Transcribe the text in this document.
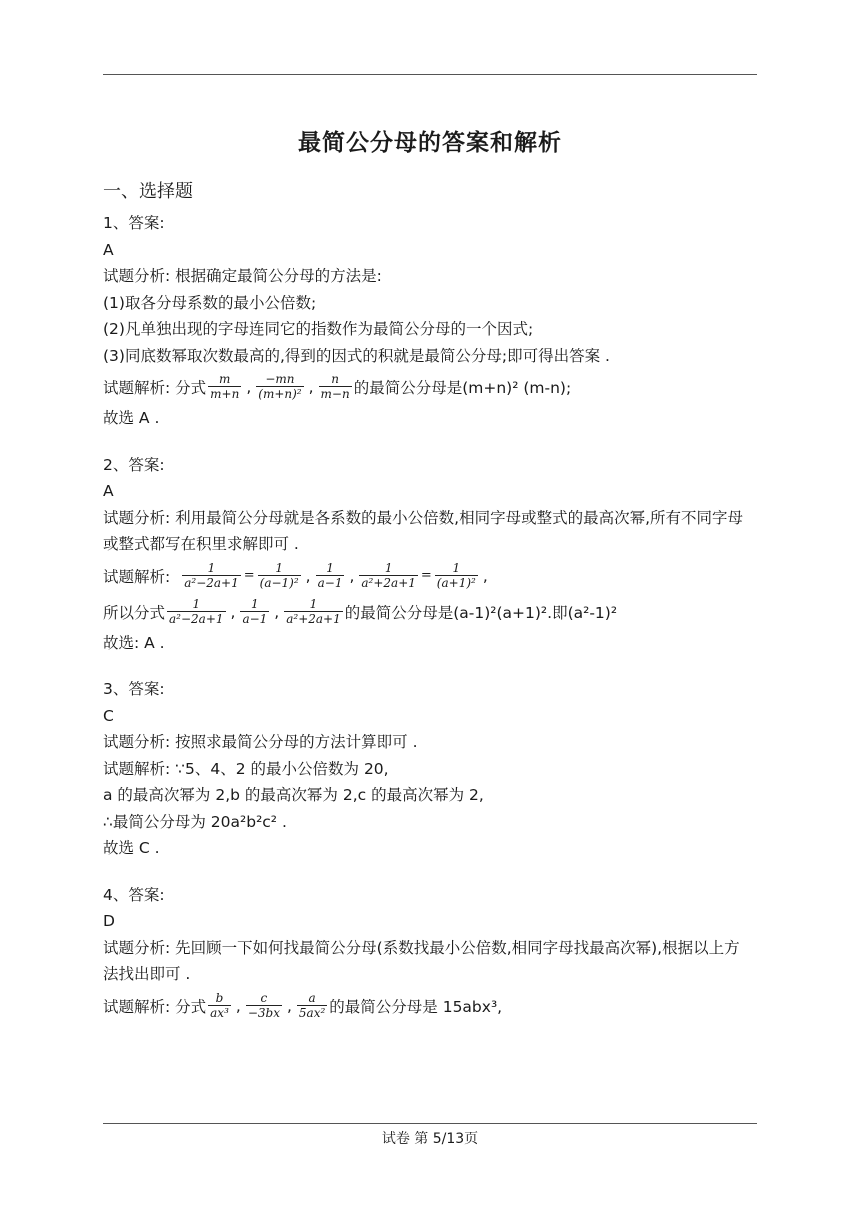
最简公分母的答案和解析
一、选择题
1、答案:
A
试题分析: 根据确定最简公分母的方法是:
(1)取各分母系数的最小公倍数;
(2)凡单独出现的字母连同它的指数作为最简公分母的一个因式;
(3)同底数幂取次数最高的,得到的因式的积就是最简公分母;即可得出答案 .
试题解析: 分式 $\frac{m}{m+n}$ , $\frac{-mn}{\text{(m+n)²}}$ , $\frac{n}{m-n}$ 的最简公分母是(m+n)² (m-n);
故选 A .
2、答案:
A
试题分析: 利用最简公分母就是各系数的最小公倍数,相同字母或整式的最高次幂,所有不同字母或整式都写在积里求解即可 .
试题解析: $\frac{1}{\text{a²−2a+1}} = \frac{1}{\text{(a−1)²}}$ , $\frac{1}{a-1}$ , $\frac{1}{\text{a²+2a+1}} = \frac{1}{\text{(a+1)²}}$ ,
所以分式 $\frac{1}{\text{a²−2a+1}}$ , $\frac{1}{a-1}$ , $\frac{1}{\text{a²+2a+1}}$ 的最简公分母是(a-1)²(a+1)².即(a²-1)²
故选: A .
3、答案:
C
试题分析: 按照求最简公分母的方法计算即可 .
试题解析: ∵5、4、2 的最小公倍数为 20,
a 的最高次幂为 2,b 的最高次幂为 2,c 的最高次幂为 2,
∴最简公分母为 20a²b²c² .
故选 C .
4、答案:
D
试题分析: 先回顾一下如何找最简公分母(系数找最小公倍数,相同字母找最高次幂),根据以上方法找出即可 .
试题解析: 分式 $\frac{b}{\text{ax³}}$ , $\frac{c}{-3bx}$ , $\frac{a}{\text{5ax²}}$ 的最简公分母是 15abx³,
试卷 第 5/13页
